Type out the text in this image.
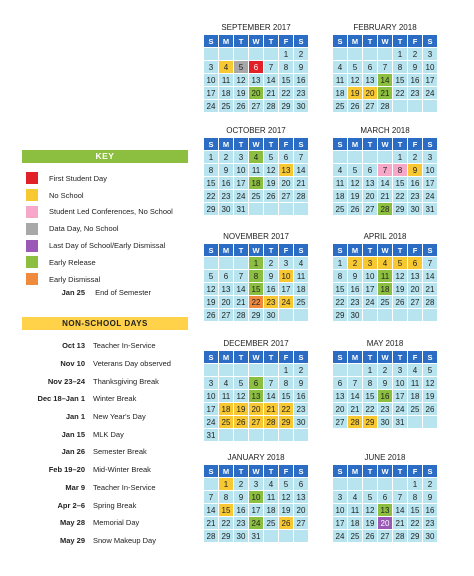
KEY
First Student Day
No School
Student Led Conferences, No School
Data Day, No School
Last Day of School/Early Dismissal
Early Release
Early Dismissal
Jan 25 End of Semester
NON-SCHOOL DAYS
Oct 13 Teacher In-Service
Nov 10 Veterans Day observed
Nov 23–24 Thanksgiving Break
Dec 18–Jan 1 Winter Break
Jan 1 New Year's Day
Jan 15 MLK Day
Jan 26 Semester Break
Feb 19–20 Mid-Winter Break
Mar 9 Teacher In-Service
Apr 2–6 Spring Break
May 28 Memorial Day
May 29 Snow Makeup Day
SEPTEMBER 2017
S	M	T	W	T	F	S
					1	2
3	4	5	6	7	8	9
10	11	12	13	14	15	16
17	18	19	20	21	22	23
24	25	26	27	28	29	30
FEBRUARY 2018
S	M	T	W	T	F	S
				1	2	3
4	5	6	7	8	9	10
11	12	13	14	15	16	17
18	19	20	21	22	23	24
25	26	27	28			
OCTOBER 2017
S	M	T	W	T	F	S
1	2	3	4	5	6	7
8	9	10	11	12	13	14
15	16	17	18	19	20	21
22	23	24	25	26	27	28
29	30	31				
MARCH 2018
S	M	T	W	T	F	S
				1	2	3
4	5	6	7	8	9	10
11	12	13	14	15	16	17
18	19	20	21	22	23	24
25	26	27	28	29	30	31
NOVEMBER 2017
S	M	T	W	T	F	S
			1	2	3	4
5	6	7	8	9	10	11
12	13	14	15	16	17	18
19	20	21	22	23	24	25
26	27	28	29	30		
APRIL 2018
S	M	T	W	T	F	S
1	2	3	4	5	6	7
8	9	10	11	12	13	14
15	16	17	18	19	20	21
22	23	24	25	26	27	28
29	30					
DECEMBER 2017
S	M	T	W	T	F	S
					1	2
3	4	5	6	7	8	9
10	11	12	13	14	15	16
17	18	19	20	21	22	23
24	25	26	27	28	29	30
31						
MAY 2018
S	M	T	W	T	F	S
		1	2	3	4	5
6	7	8	9	10	11	12
13	14	15	16	17	18	19
20	21	22	23	24	25	26
27	28	29	30	31		
JANUARY 2018
S	M	T	W	T	F	S
	1	2	3	4	5	6
7	8	9	10	11	12	13
14	15	16	17	18	19	20
21	22	23	24	25	26	27
28	29	30	31			
JUNE 2018
S	M	T	W	T	F	S
					1	2
3	4	5	6	7	8	9
10	11	12	13	14	15	16
17	18	19	20	21	22	23
24	25	26	27	28	29	30
